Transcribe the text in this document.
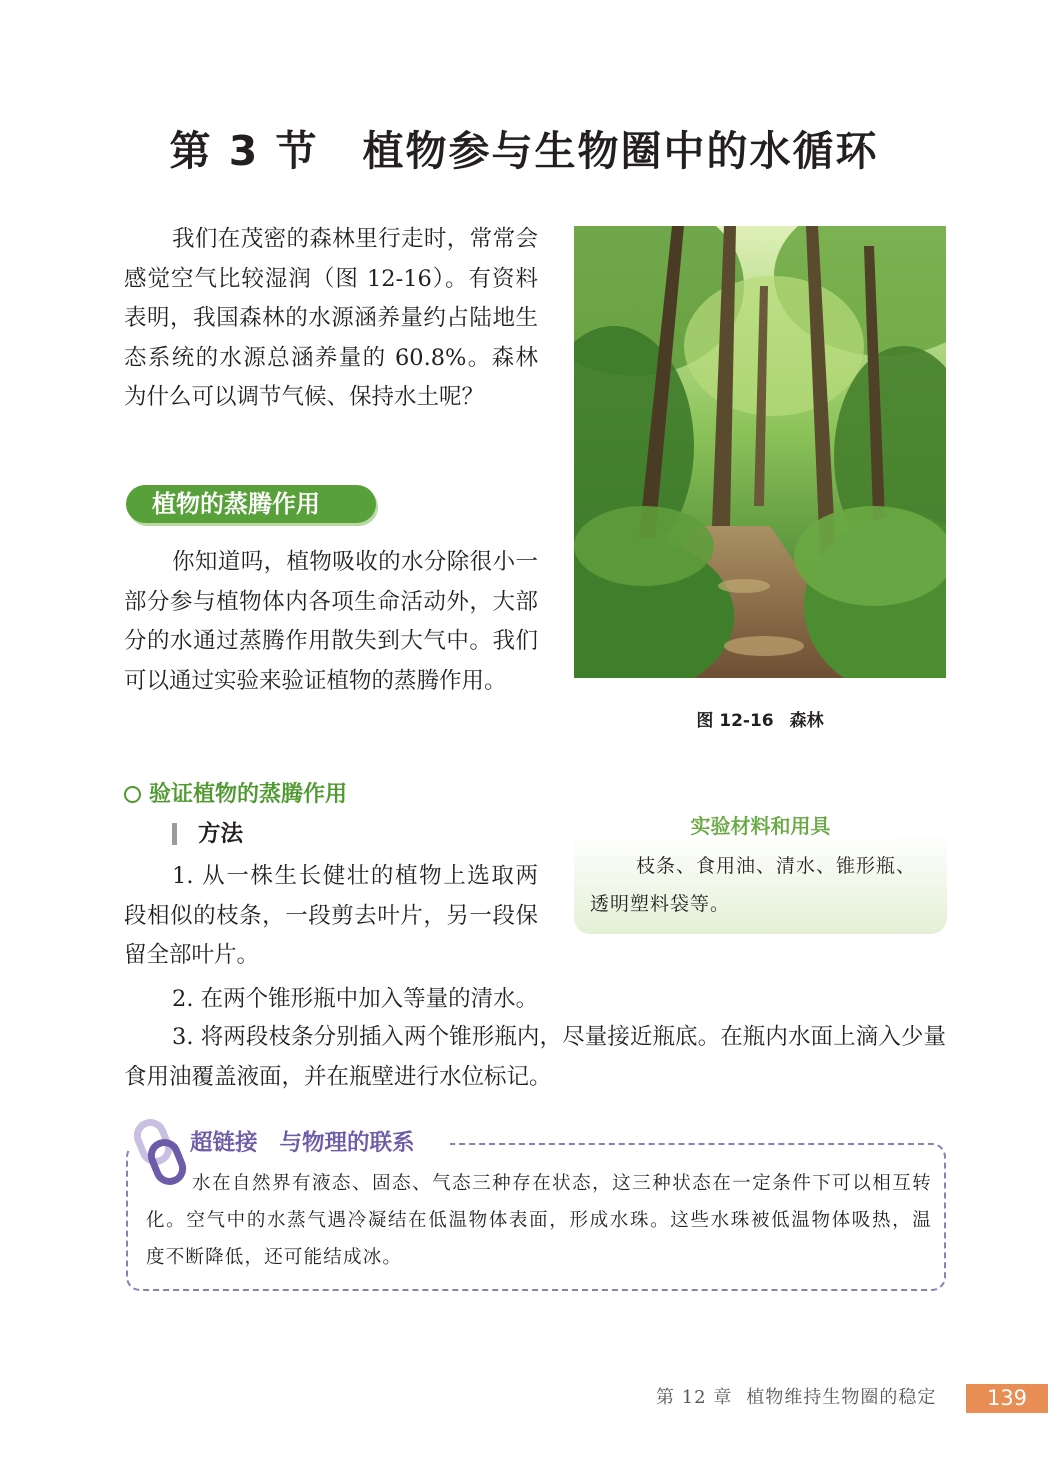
第 3 节 植物参与生物圈中的水循环

我们在茂密的森林里行走时，常常会感觉空气比较湿润（图 12-16）。有资料表明，我国森林的水源涵养量约占陆地生态系统的水源总涵养量的 60.8%。森林为什么可以调节气候、保持水土呢？

植物的蒸腾作用

你知道吗，植物吸收的水分除很小一部分参与植物体内各项生命活动外，大部分的水通过蒸腾作用散失到大气中。我们可以通过实验来验证植物的蒸腾作用。

图 12-16 森林
验证植物的蒸腾作用
方法

1. 从一株生长健壮的植物上选取两段相似的枝条，一段剪去叶片，另一段保留全部叶片。

2. 在两个锥形瓶中加入等量的清水。

3. 将两段枝条分别插入两个锥形瓶内，尽量接近瓶底。在瓶内水面上滴入少量食用油覆盖液面，并在瓶壁进行水位标记。

实验材料和用具

枝条、食用油、清水、锥形瓶、透明塑料袋等。

超链接 与物理的联系

水在自然界有液态、固态、气态三种存在状态，这三种状态在一定条件下可以相互转化。空气中的水蒸气遇冷凝结在低温物体表面，形成水珠。这些水珠被低温物体吸热，温度不断降低，还可能结成冰。

第 12 章 植物维持生物圈的稳定	139
